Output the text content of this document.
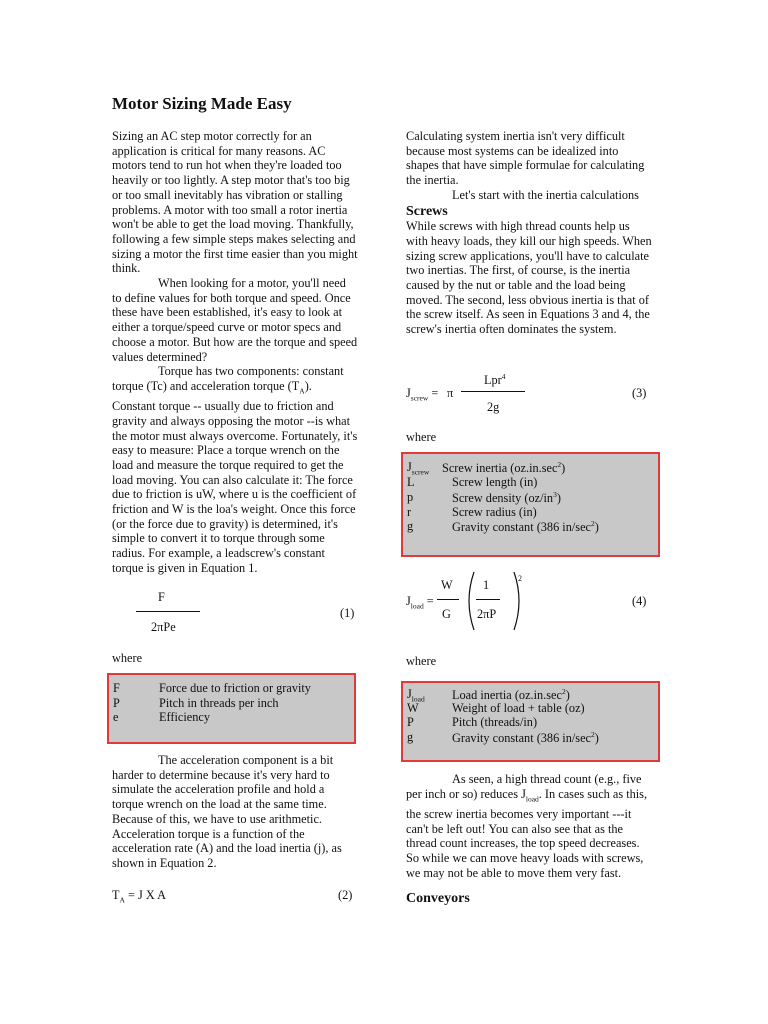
Motor Sizing Made Easy

Sizing an AC step motor correctly for an application is critical for many reasons. AC motors tend to run hot when they're loaded too heavily or too lightly. A step motor that's too big or too small inevitably has vibration or stalling problems. A motor with too small a rotor inertia won't be able to get the load moving. Thankfully, following a few simple steps makes selecting and sizing a motor the first time easier than you might think.

When looking for a motor, you'll need to define values for both torque and speed. Once these have been established, it's easy to look at either a torque/speed curve or motor specs and choose a motor. But how are the torque and speed values determined?

Torque has two components: constant torque (Tc) and acceleration torque $(T_A)$. Constant torque -- usually due to friction and gravity and always opposing the motor --is what the motor must always overcome. Fortunately, it's easy to measure: Place a torque wrench on the load and measure the torque required to get the load moving. You can also calculate it: The force due to friction is uW, where u is the coefficient of friction and W is the loa's weight. Once this force (or the force due to gravity) is determined, it's simple to convert it to torque through some radius. For example, a leadscrew's constant torque is given in Equation 1.

F
2πPe
(1)
where
F	Force due to friction or gravity
P	Pitch in threads per inch
e	Efficiency

The acceleration component is a bit harder to determine because it's very hard to simulate the acceleration profile and hold a torque wrench on the load at the same time. Because of this, we have to use arithmetic. Acceleration torque is a function of the acceleration rate (A) and the load inertia (j), as shown in Equation 2.

$T_A = J$ X A	(2)

Calculating system inertia isn't very difficult because most systems can be idealized into shapes that have simple formulae for calculating the inertia.

Let's start with the inertia calculations

Screws

While screws with high thread counts help us with heavy loads, they kill our high speeds. When sizing screw applications, you'll have to calculate two inertias. The first, of course, is the inertia caused by the nut or table and the load being moved. The second, less obvious inertia is that of the screw itself. As seen in Equations 3 and 4, the screw's inertia often dominates the system.

$J_{screw} = \pi$
Lpr$^4$
2g
(3)
where
$J_{screw}$ Screw inertia $(oz.in.\sec^2)$
L	Screw length (in)
p	Screw density $(oz/in^3)$
r	Screw radius (in)
g	Gravity constant (386 $in/\sec^2$)
$J_{load}$ =
W
G
1
2πP
2
(4)
where
$J_{load}$ Load inertia $(oz.in.\sec^2)$
W	Weight of load + table (oz)
P	Pitch (threads/in)
g	Gravity constant (386 $in/\sec^2$)

As seen, a high thread count (e.g., five per inch or so) reduces $J_{load}$. In cases such as this, the screw inertia becomes very important ---it can't be left out! You can also see that as the thread count increases, the top speed decreases. So while we can move heavy loads with screws, we may not be able to move them very fast.

Conveyors
